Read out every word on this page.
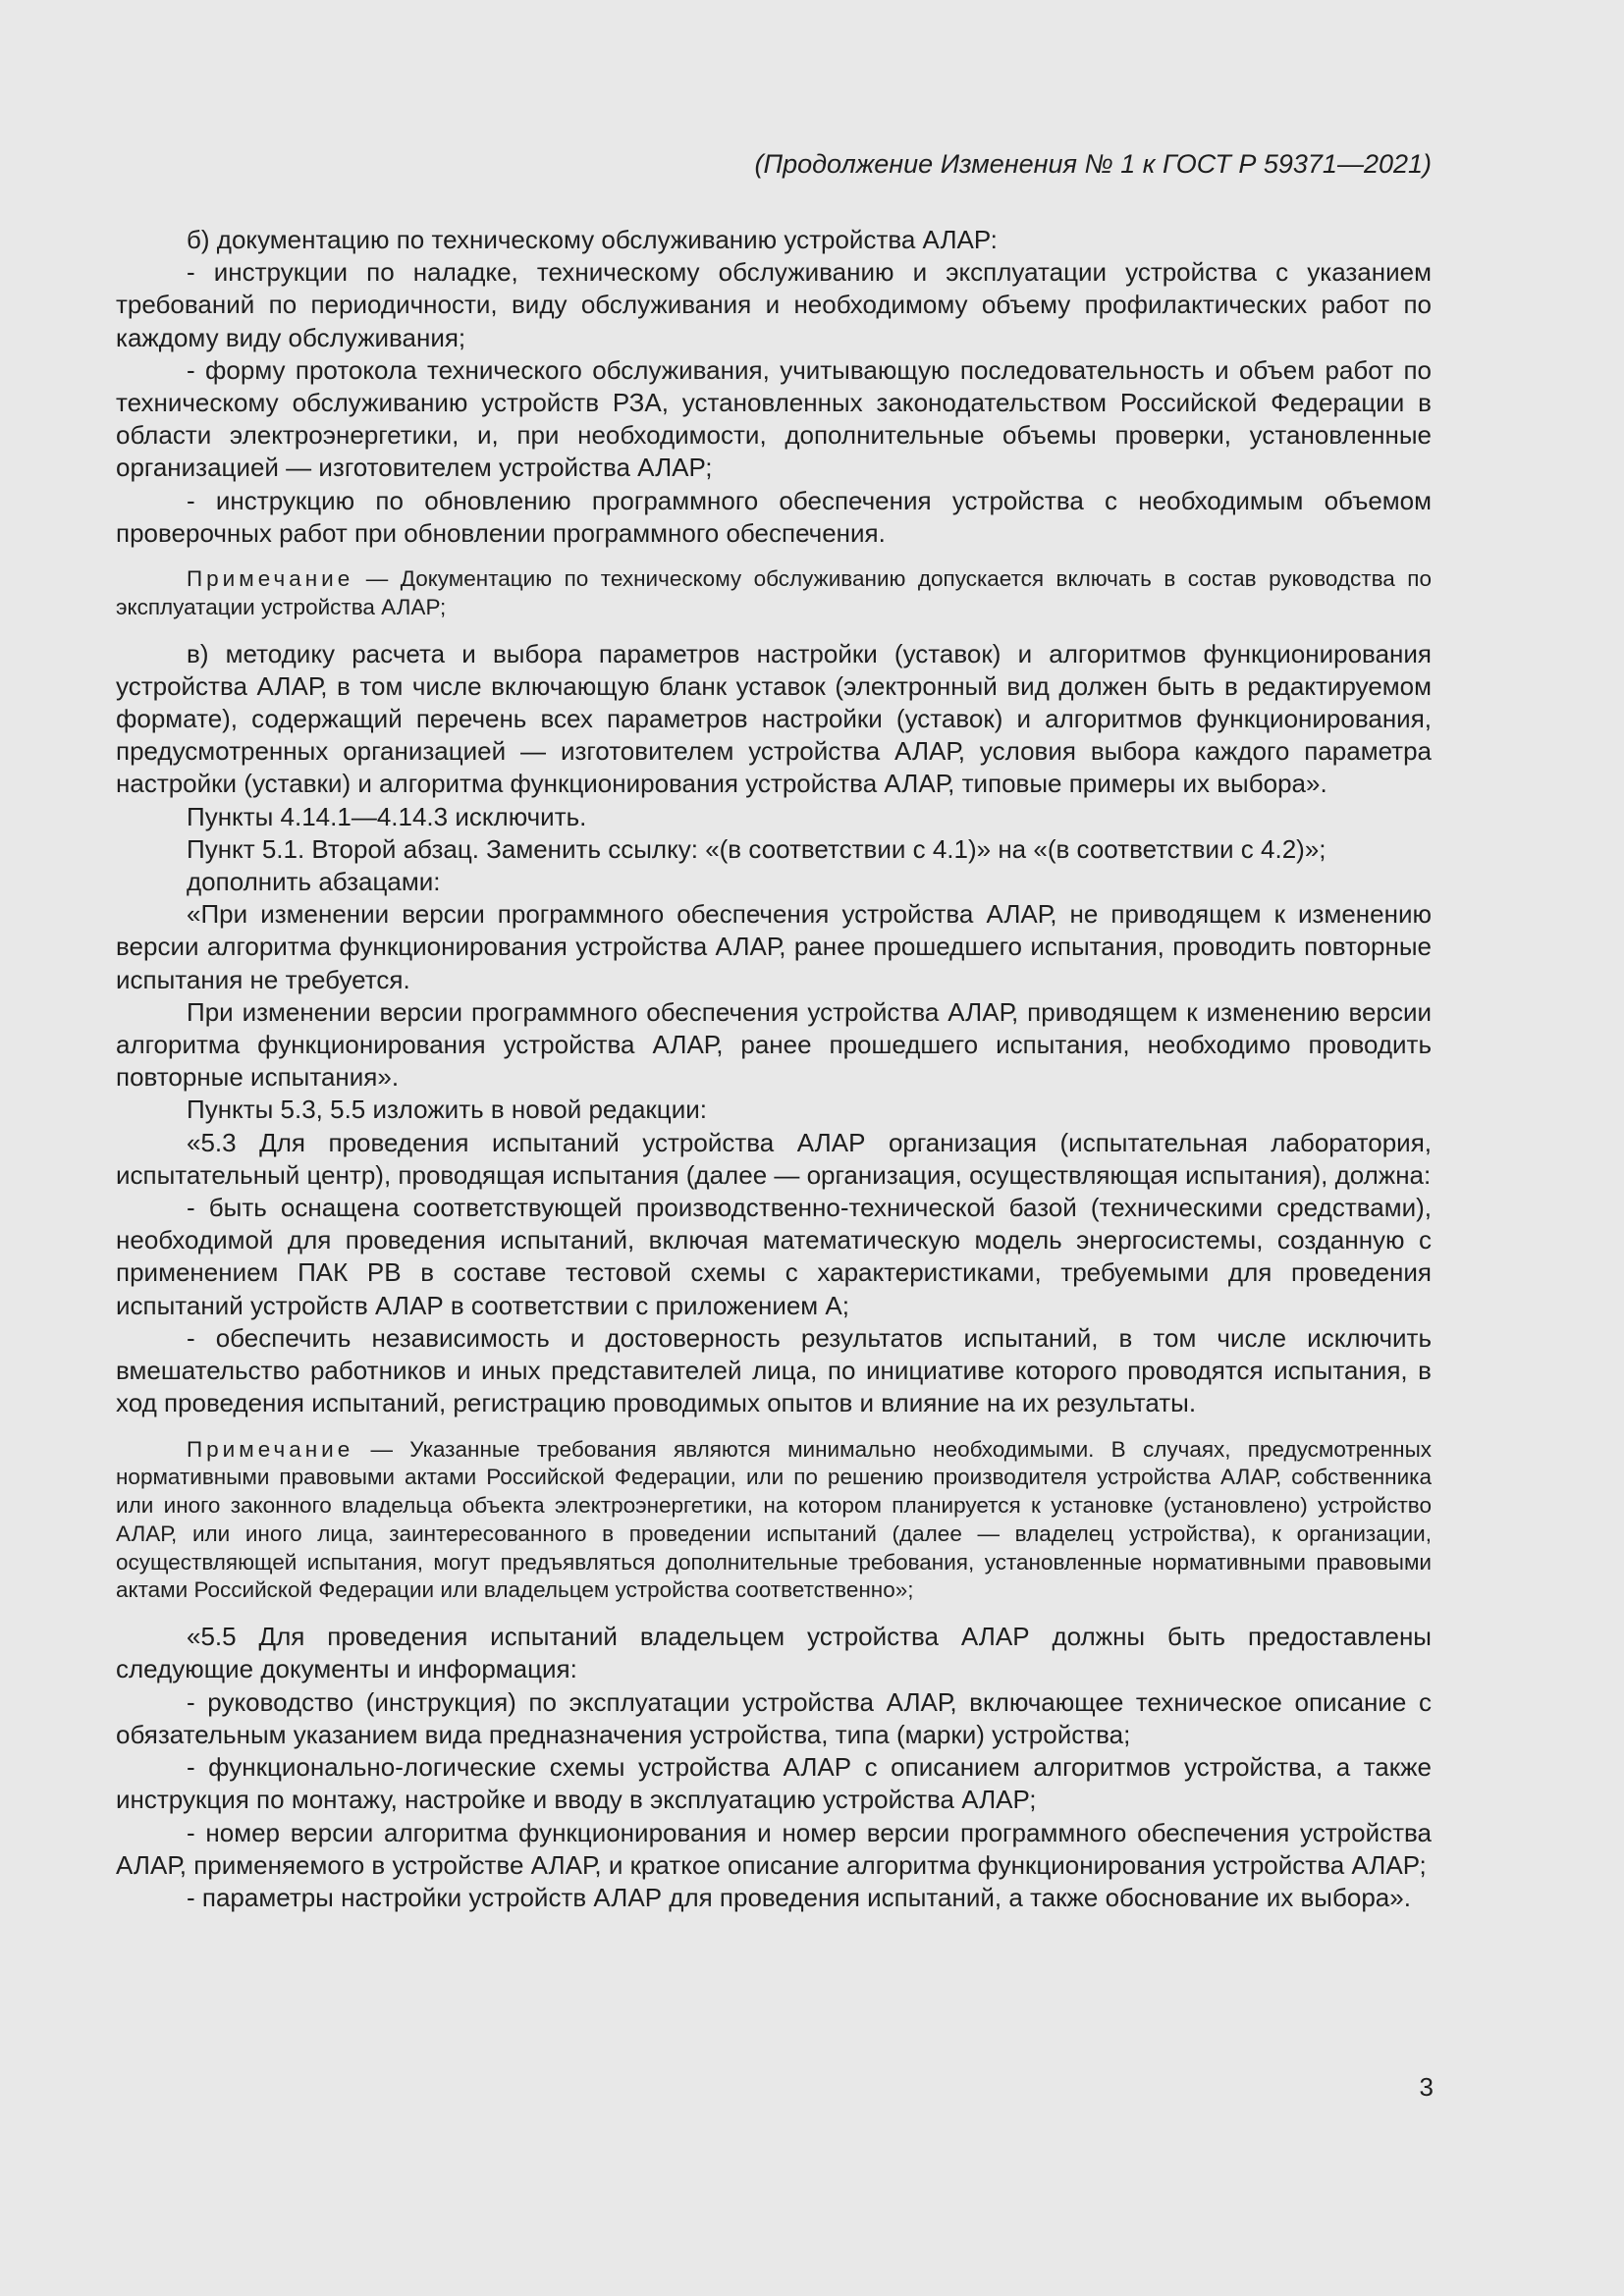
(Продолжение Изменения № 1 к ГОСТ Р 59371—2021)

б) документацию по техническому обслуживанию устройства АЛАР:

- инструкции по наладке, техническому обслуживанию и эксплуатации устройства с указанием требований по периодичности, виду обслуживания и необходимому объему профилактических работ по каждому виду обслуживания;

- форму протокола технического обслуживания, учитывающую последовательность и объем работ по техническому обслуживанию устройств РЗА, установленных законодательством Российской Федерации в области электроэнергетики, и, при необходимости, дополнительные объемы проверки, установленные организацией — изготовителем устройства АЛАР;

- инструкцию по обновлению программного обеспечения устройства с необходимым объемом проверочных работ при обновлении программного обеспечения.

Примечание — Документацию по техническому обслуживанию допускается включать в состав руководства по эксплуатации устройства АЛАР;

в) методику расчета и выбора параметров настройки (уставок) и алгоритмов функционирования устройства АЛАР, в том числе включающую бланк уставок (электронный вид должен быть в редактируемом формате), содержащий перечень всех параметров настройки (уставок) и алгоритмов функционирования, предусмотренных организацией — изготовителем устройства АЛАР, условия выбора каждого параметра настройки (уставки) и алгоритма функционирования устройства АЛАР, типовые примеры их выбора».

Пункты 4.14.1—4.14.3 исключить.

Пункт 5.1. Второй абзац. Заменить ссылку: «(в соответствии с 4.1)» на «(в соответствии с 4.2)»;

дополнить абзацами:

«При изменении версии программного обеспечения устройства АЛАР, не приводящем к изменению версии алгоритма функционирования устройства АЛАР, ранее прошедшего испытания, проводить повторные испытания не требуется.

При изменении версии программного обеспечения устройства АЛАР, приводящем к изменению версии алгоритма функционирования устройства АЛАР, ранее прошедшего испытания, необходимо проводить повторные испытания».

Пункты 5.3, 5.5 изложить в новой редакции:

«5.3 Для проведения испытаний устройства АЛАР организация (испытательная лаборатория, испытательный центр), проводящая испытания (далее — организация, осуществляющая испытания), должна:

- быть оснащена соответствующей производственно-технической базой (техническими средствами), необходимой для проведения испытаний, включая математическую модель энергосистемы, созданную с применением ПАК РВ в составе тестовой схемы с характеристиками, требуемыми для проведения испытаний устройств АЛАР в соответствии с приложением А;

- обеспечить независимость и достоверность результатов испытаний, в том числе исключить вмешательство работников и иных представителей лица, по инициативе которого проводятся испытания, в ход проведения испытаний, регистрацию проводимых опытов и влияние на их результаты.

Примечание — Указанные требования являются минимально необходимыми. В случаях, предусмотренных нормативными правовыми актами Российской Федерации, или по решению производителя устройства АЛАР, собственника или иного законного владельца объекта электроэнергетики, на котором планируется к установке (установлено) устройство АЛАР, или иного лица, заинтересованного в проведении испытаний (далее — владелец устройства), к организации, осуществляющей испытания, могут предъявляться дополнительные требования, установленные нормативными правовыми актами Российской Федерации или владельцем устройства соответственно»;

«5.5 Для проведения испытаний владельцем устройства АЛАР должны быть предоставлены следующие документы и информация:

- руководство (инструкция) по эксплуатации устройства АЛАР, включающее техническое описание с обязательным указанием вида предназначения устройства, типа (марки) устройства;

- функционально-логические схемы устройства АЛАР с описанием алгоритмов устройства, а также инструкция по монтажу, настройке и вводу в эксплуатацию устройства АЛАР;

- номер версии алгоритма функционирования и номер версии программного обеспечения устройства АЛАР, применяемого в устройстве АЛАР, и краткое описание алгоритма функционирования устройства АЛАР;

- параметры настройки устройств АЛАР для проведения испытаний, а также обоснование их выбора».

3
